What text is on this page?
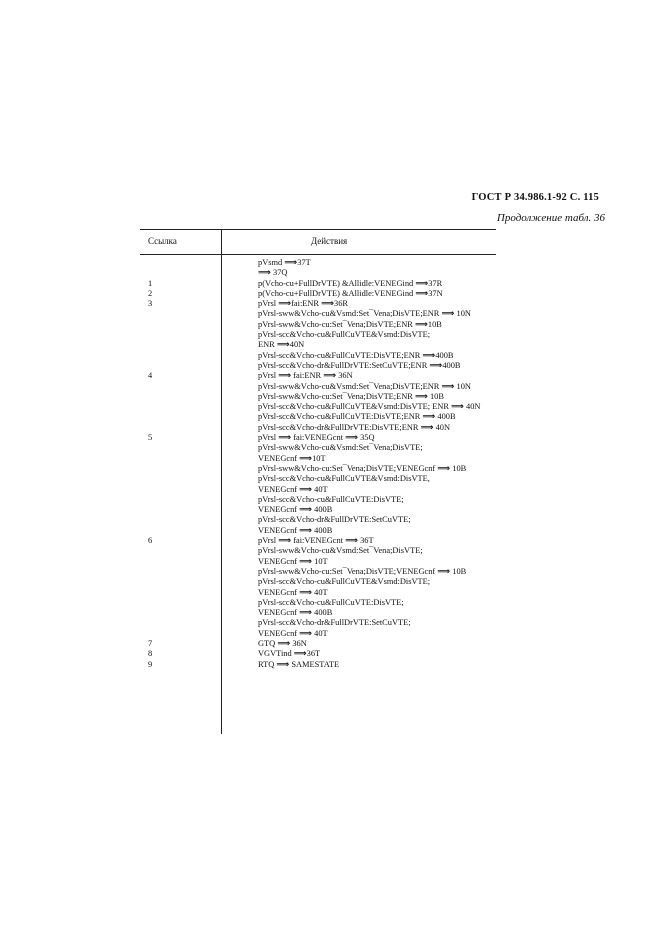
ГОСТ Р 34.986.1-92 С. 115
Продолжение табл. 36
Ссылка	Действия
pVsmd ⟹37T
⟹ 37Q
1	p(Vcho-cu+FullDrVTE) &Allidle:VENEGind ⟹37R
2	p(Vcho-cu+FullDrVTE) &Allidle:VENEGind ⟹37N
3	pVrsl ⟹fai:ENR ⟹36R
pVrsl-sww&Vcho-cu&Vsmd:Set¯Vena;DisVTE;ENR ⟹ 10N
pVrsl-sww&Vcho-cu:Set¯Vena;DisVTE;ENR ⟹10B
pVrsl-scc&Vcho-cu&FullCuVTE&Vsmd:DisVTE;
ENR ⟹40N
pVrsl-scc&Vcho-cu&FullCuVTE:DisVTE;ENR ⟹400B
pVrsl-scc&Vcho-dr&FullDrVTE:SetCuVTE;ENR ⟹400B
4	pVrsl ⟹ fai:ENR ⟹ 36N
pVrsl-sww&Vcho-cu&Vsmd:Set¯Vena;DisVTE;ENR ⟹ 10N
pVrsl-sww&Vcho-cu:Set¯Vena;DisVTE;ENR ⟹ 10B
pVrsl-scc&Vcho-cu&FullCuVTE&Vsmd:DisVTE; ENR ⟹ 40N
pVrsl-scc&Vcho-cu&FullCuVTE:DisVTE;ENR ⟹ 400B
pVrsl-scc&Vcho-dr&FullDrVTE:DisVTE;ENR ⟹ 40N
5	pVrsl ⟹ fai:VENEGcnt ⟹ 35Q
pVrsl-sww&Vcho-cu&Vsmd:Set¯Vena;DisVTE;
VENEGcnf ⟹10T
pVrsl-sww&Vcho-cu:Set¯Vena;DisVTE;VENEGcnf ⟹ 10B
pVrsl-scc&Vcho-cu&FullCuVTE&Vsmd:DisVTE,
VENEGcnf ⟹ 40T
pVrsl-scc&Vcho-cu&FullCuVTE:DisVTE;
VENEGcnf ⟹ 400B
pVrsl-scc&Vcho-dr&FullDrVTE:SetCuVTE;
VENEGcnf ⟹ 400B
6	pVrsl ⟹ fai:VENEGcnt ⟹ 36T
pVrsl-sww&Vcho-cu&Vsmd:Set¯Vena;DisVTE;
VENEGcnf ⟹ 10T
pVrsl-sww&Vcho-cu:Set¯Vena;DisVTE;VENEGcnf ⟹ 10B
pVrsl-scc&Vcho-cu&FullCuVTE&Vsmd:DisVTE;
VENEGcnf ⟹ 40T
pVrsl-scc&Vcho-cu&FullCuVTE:DisVTE;
VENEGcnf ⟹ 400B
pVrsl-scc&Vcho-dr&FullDrVTE:SetCuVTE;
VENEGcnf ⟹ 40T
7	GTQ ⟹ 36N
8	VGVTind ⟹36T
9	RTQ ⟹ SAMESTATE
